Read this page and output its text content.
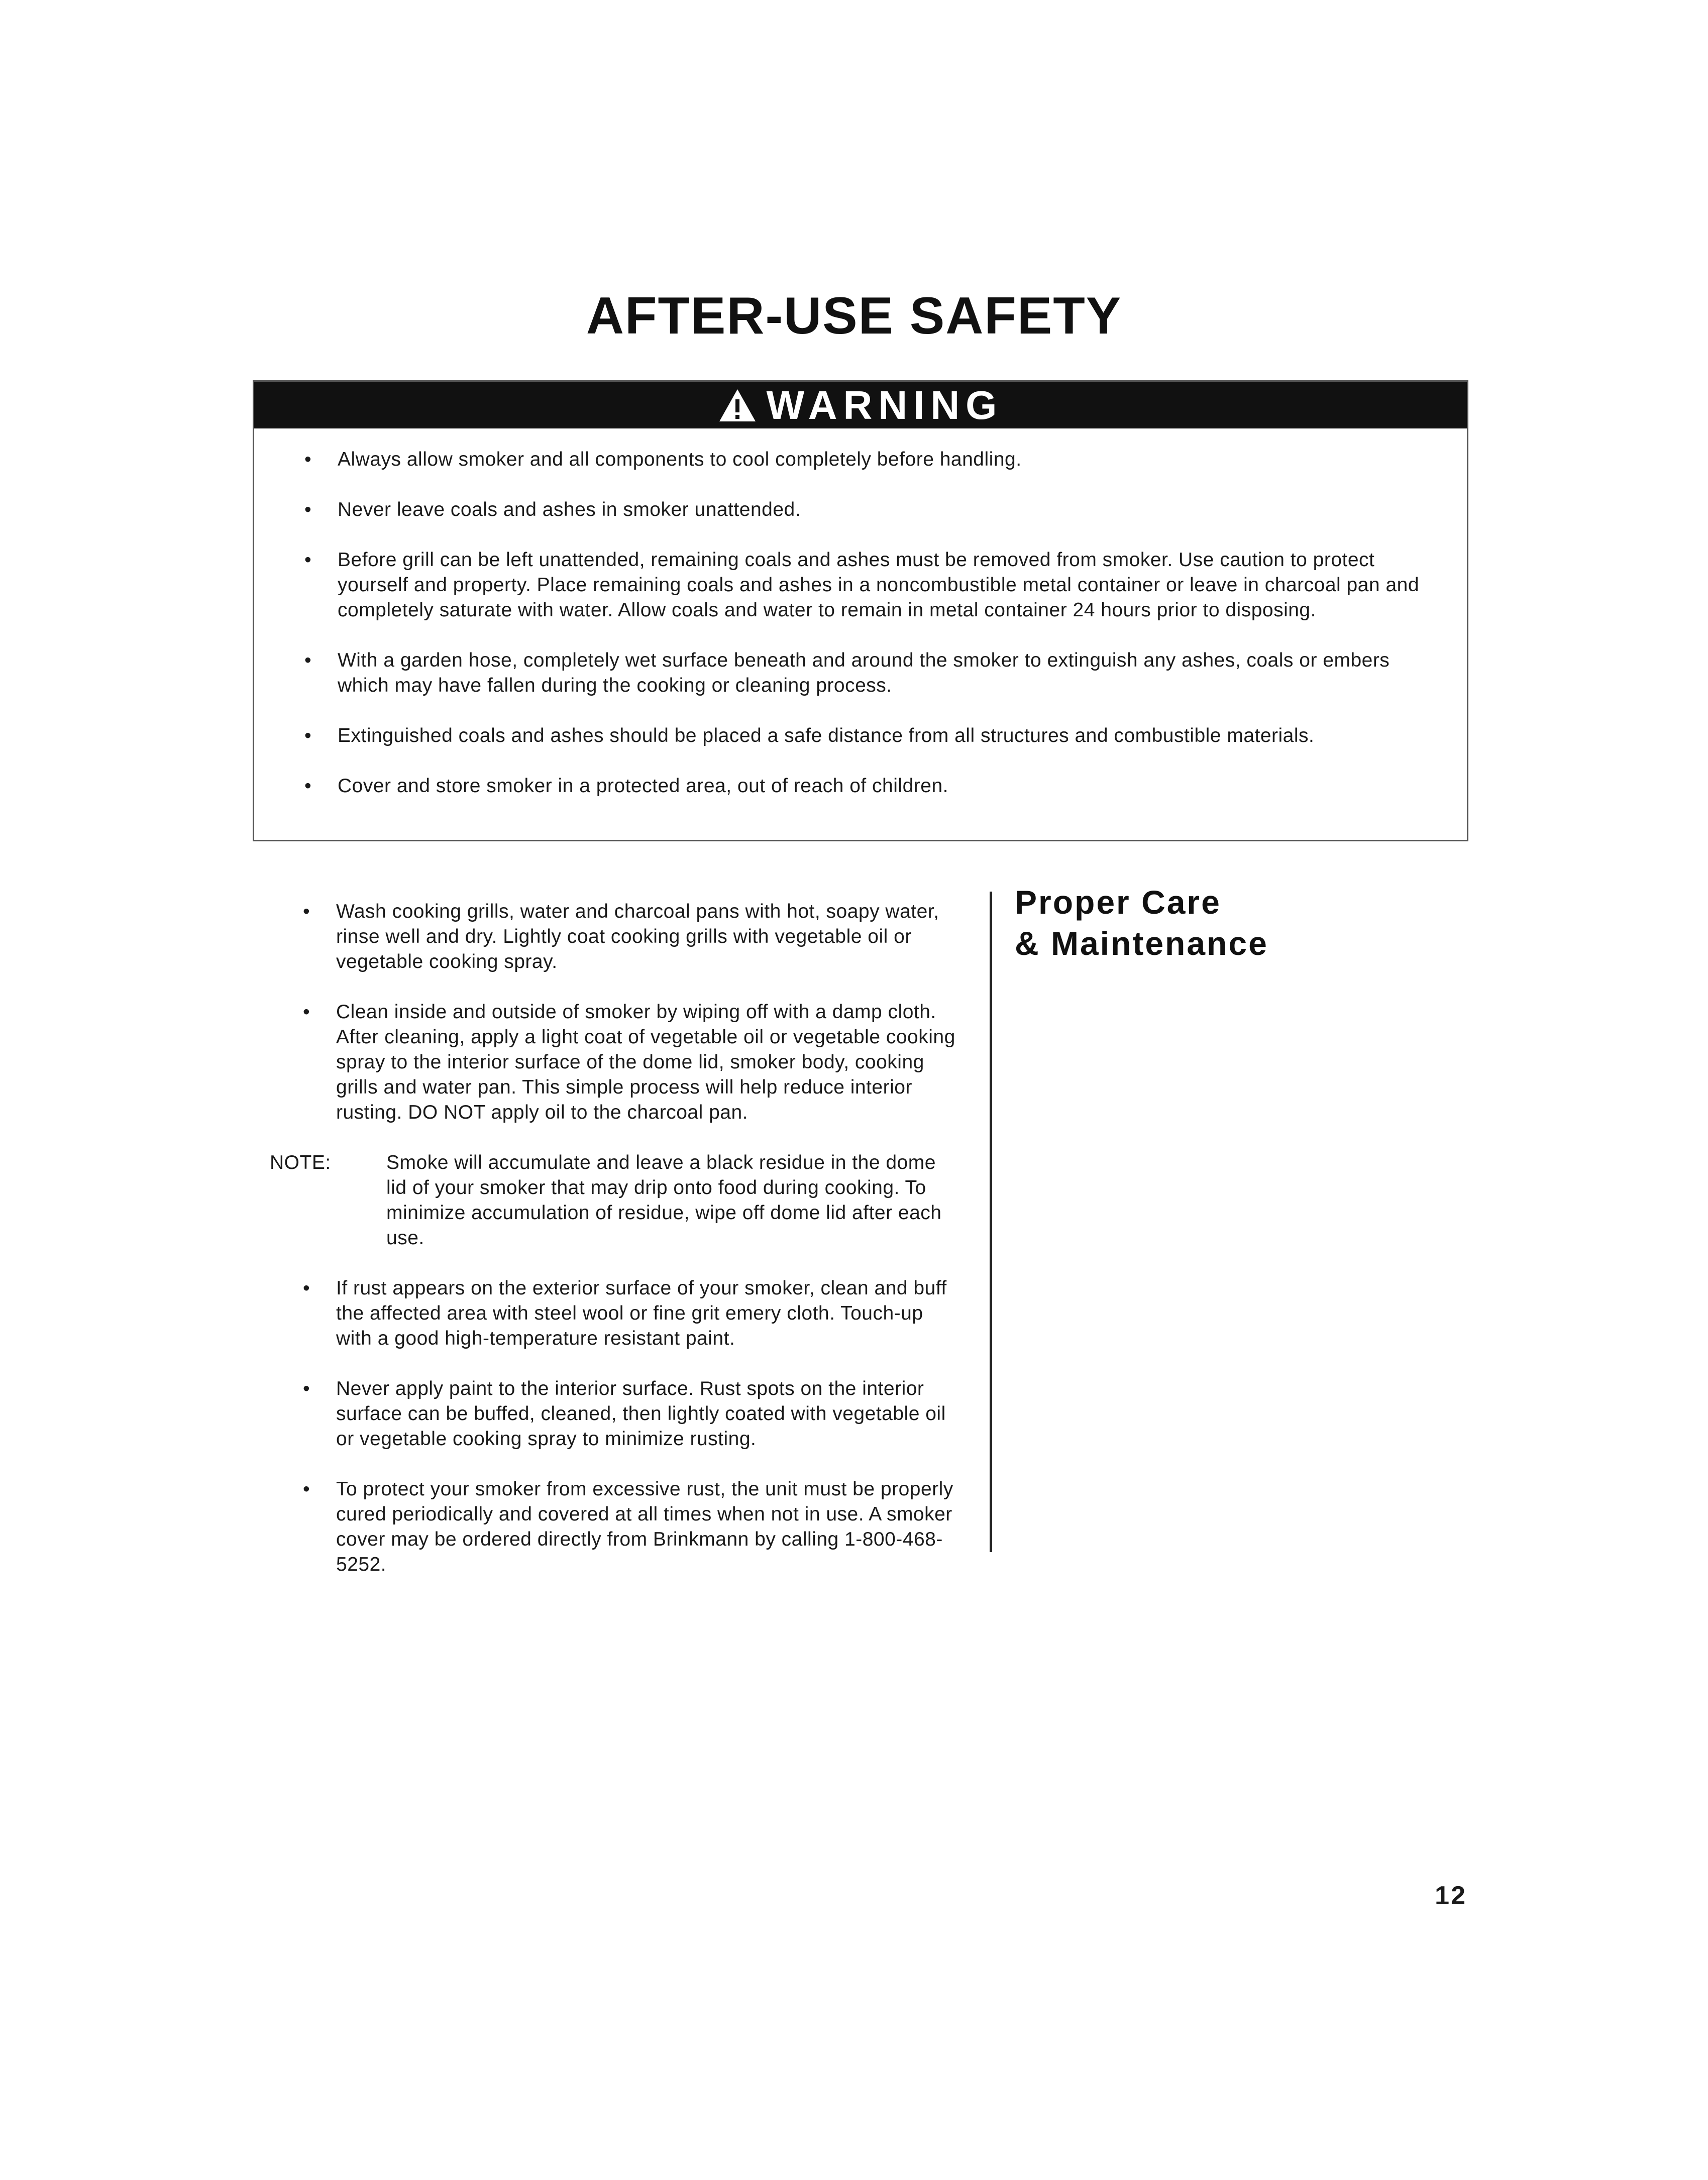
AFTER-USE SAFETY
WARNING
• Always allow smoker and all components to cool completely before handling.
• Never leave coals and ashes in smoker unattended.
• Before grill can be left unattended, remaining coals and ashes must be removed from smoker. Use caution to protect yourself and property. Place remaining coals and ashes in a noncombustible metal container or leave in charcoal pan and completely saturate with water. Allow coals and water to remain in metal container 24 hours prior to disposing.
• With a garden hose, completely wet surface beneath and around the smoker to extinguish any ashes, coals or embers which may have fallen during the cooking or cleaning process.
• Extinguished coals and ashes should be placed a safe distance from all structures and combustible materials.
• Cover and store smoker in a protected area, out of reach of children.
• Wash cooking grills, water and charcoal pans with hot, soapy water, rinse well and dry. Lightly coat cooking grills with vegetable oil or vegetable cooking spray.
• Clean inside and outside of smoker by wiping off with a damp cloth. After cleaning, apply a light coat of vegetable oil or vegetable cooking spray to the interior surface of the dome lid, smoker body, cooking grills and water pan. This simple process will help reduce interior rusting. DO NOT apply oil to the charcoal pan.

NOTE:	Smoke will accumulate and leave a black residue in the dome lid of your smoker that may drip onto food during cooking. To minimize accumulation of residue, wipe off dome lid after each use.

• If rust appears on the exterior surface of your smoker, clean and buff the affected area with steel wool or fine grit emery cloth. Touch-up with a good high-temperature resistant paint.
• Never apply paint to the interior surface. Rust spots on the interior surface can be buffed, cleaned, then lightly coated with vegetable oil or vegetable cooking spray to minimize rusting.
• To protect your smoker from excessive rust, the unit must be properly cured periodically and covered at all times when not in use. A smoker cover may be ordered directly from Brinkmann by calling 1-800-468-5252.
Proper Care
& Maintenance

12
